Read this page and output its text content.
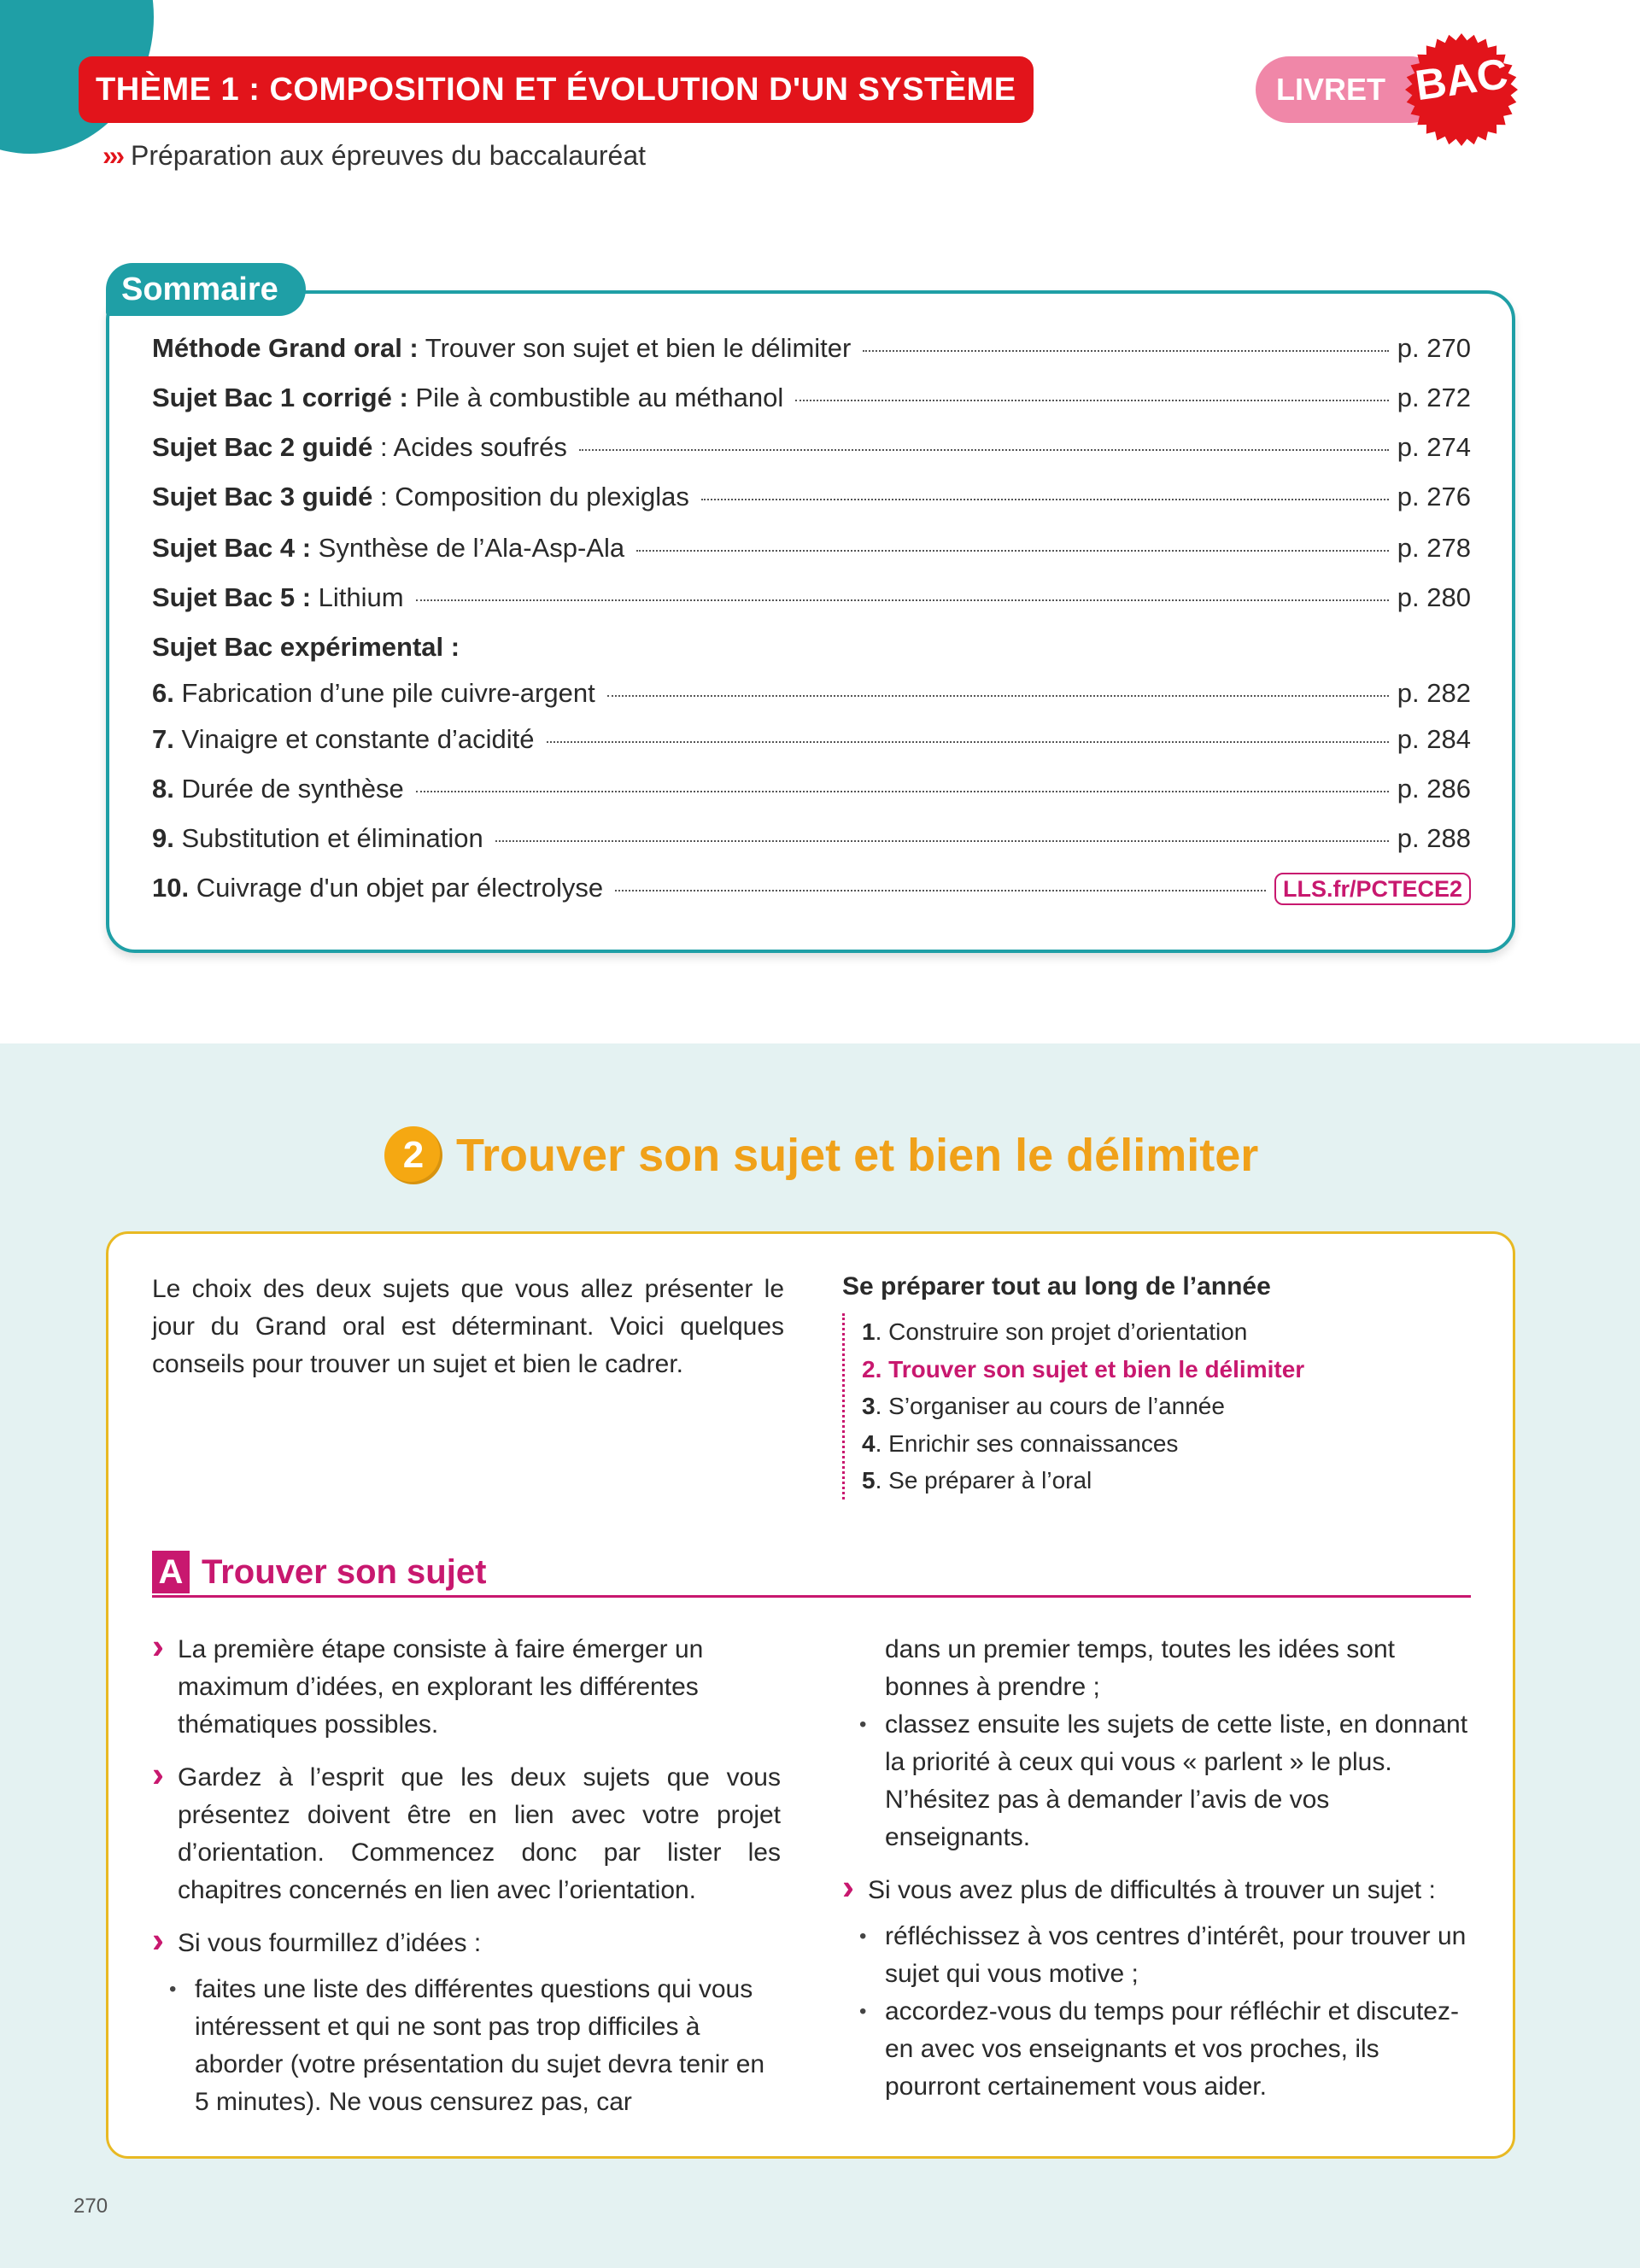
THÈME 1 : COMPOSITION ET ÉVOLUTION D'UN SYSTÈME
››› Préparation aux épreuves du baccalauréat
LIVRET BAC
Sommaire
Méthode Grand oral : Trouver son sujet et bien le délimiter	p. 270
Sujet Bac 1 corrigé : Pile à combustible au méthanol	p. 272
Sujet Bac 2 guidé : Acides soufrés	p. 274
Sujet Bac 3 guidé : Composition du plexiglas	p. 276
Sujet Bac 4 : Synthèse de l’Ala-Asp-Ala	p. 278
Sujet Bac 5 : Lithium	p. 280
Sujet Bac expérimental :
6. Fabrication d’une pile cuivre-argent	p. 282
7. Vinaigre et constante d’acidité	p. 284
8. Durée de synthèse	p. 286
9. Substitution et élimination	p. 288
10. Cuivrage d'un objet par électrolyse	LLS.fr/PCTECE2
2 Trouver son sujet et bien le délimiter
Le choix des deux sujets que vous allez présenter le jour du Grand oral est déterminant. Voici quelques conseils pour trouver un sujet et bien le cadrer.
Se préparer tout au long de l’année
1. Construire son projet d’orientation
2. Trouver son sujet et bien le délimiter
3. S’organiser au cours de l’année
4. Enrichir ses connaissances
5. Se préparer à l’oral
A Trouver son sujet

› La première étape consiste à faire émerger un maximum d’idées, en explorant les différentes thématiques possibles.

› Gardez à l’esprit que les deux sujets que vous présentez doivent être en lien avec votre projet d’orientation. Commencez donc par lister les chapitres concernés en lien avec l’orientation.

› Si vous fourmillez d’idées :

• faites une liste des différentes questions qui vous intéressent et qui ne sont pas trop difficiles à aborder (votre présentation du sujet devra tenir en 5 minutes). Ne vous censurez pas, car

dans un premier temps, toutes les idées sont bonnes à prendre ;

• classez ensuite les sujets de cette liste, en donnant la priorité à ceux qui vous « parlent » le plus. N’hésitez pas à demander l’avis de vos enseignants.

› Si vous avez plus de difficultés à trouver un sujet :

• réfléchissez à vos centres d’intérêt, pour trouver un sujet qui vous motive ;

• accordez-vous du temps pour réfléchir et discutez-en avec vos enseignants et vos proches, ils pourront certainement vous aider.

270
